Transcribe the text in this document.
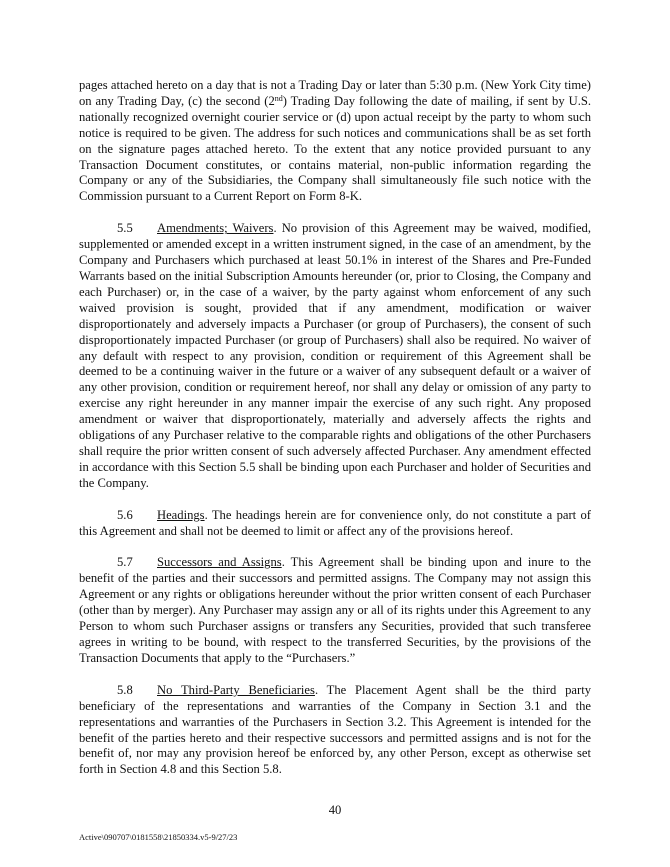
pages attached hereto on a day that is not a Trading Day or later than 5:30 p.m. (New York City time) on any Trading Day, (c) the second (2nd) Trading Day following the date of mailing, if sent by U.S. nationally recognized overnight courier service or (d) upon actual receipt by the party to whom such notice is required to be given. The address for such notices and communications shall be as set forth on the signature pages attached hereto. To the extent that any notice provided pursuant to any Transaction Document constitutes, or contains material, non-public information regarding the Company or any of the Subsidiaries, the Company shall simultaneously file such notice with the Commission pursuant to a Current Report on Form 8-K.

5.5 Amendments; Waivers. No provision of this Agreement may be waived, modified, supplemented or amended except in a written instrument signed, in the case of an amendment, by the Company and Purchasers which purchased at least 50.1% in interest of the Shares and Pre-Funded Warrants based on the initial Subscription Amounts hereunder (or, prior to Closing, the Company and each Purchaser) or, in the case of a waiver, by the party against whom enforcement of any such waived provision is sought, provided that if any amendment, modification or waiver disproportionately and adversely impacts a Purchaser (or group of Purchasers), the consent of such disproportionately impacted Purchaser (or group of Purchasers) shall also be required. No waiver of any default with respect to any provision, condition or requirement of this Agreement shall be deemed to be a continuing waiver in the future or a waiver of any subsequent default or a waiver of any other provision, condition or requirement hereof, nor shall any delay or omission of any party to exercise any right hereunder in any manner impair the exercise of any such right. Any proposed amendment or waiver that disproportionately, materially and adversely affects the rights and obligations of any Purchaser relative to the comparable rights and obligations of the other Purchasers shall require the prior written consent of such adversely affected Purchaser. Any amendment effected in accordance with this Section 5.5 shall be binding upon each Purchaser and holder of Securities and the Company.

5.6 Headings. The headings herein are for convenience only, do not constitute a part of this Agreement and shall not be deemed to limit or affect any of the provisions hereof.

5.7 Successors and Assigns. This Agreement shall be binding upon and inure to the benefit of the parties and their successors and permitted assigns. The Company may not assign this Agreement or any rights or obligations hereunder without the prior written consent of each Purchaser (other than by merger). Any Purchaser may assign any or all of its rights under this Agreement to any Person to whom such Purchaser assigns or transfers any Securities, provided that such transferee agrees in writing to be bound, with respect to the transferred Securities, by the provisions of the Transaction Documents that apply to the “Purchasers.”

5.8 No Third-Party Beneficiaries. The Placement Agent shall be the third party beneficiary of the representations and warranties of the Company in Section 3.1 and the representations and warranties of the Purchasers in Section 3.2. This Agreement is intended for the benefit of the parties hereto and their respective successors and permitted assigns and is not for the benefit of, nor may any provision hereof be enforced by, any other Person, except as otherwise set forth in Section 4.8 and this Section 5.8.

40
Active\090707\0181558\21850334.v5-9/27/23
